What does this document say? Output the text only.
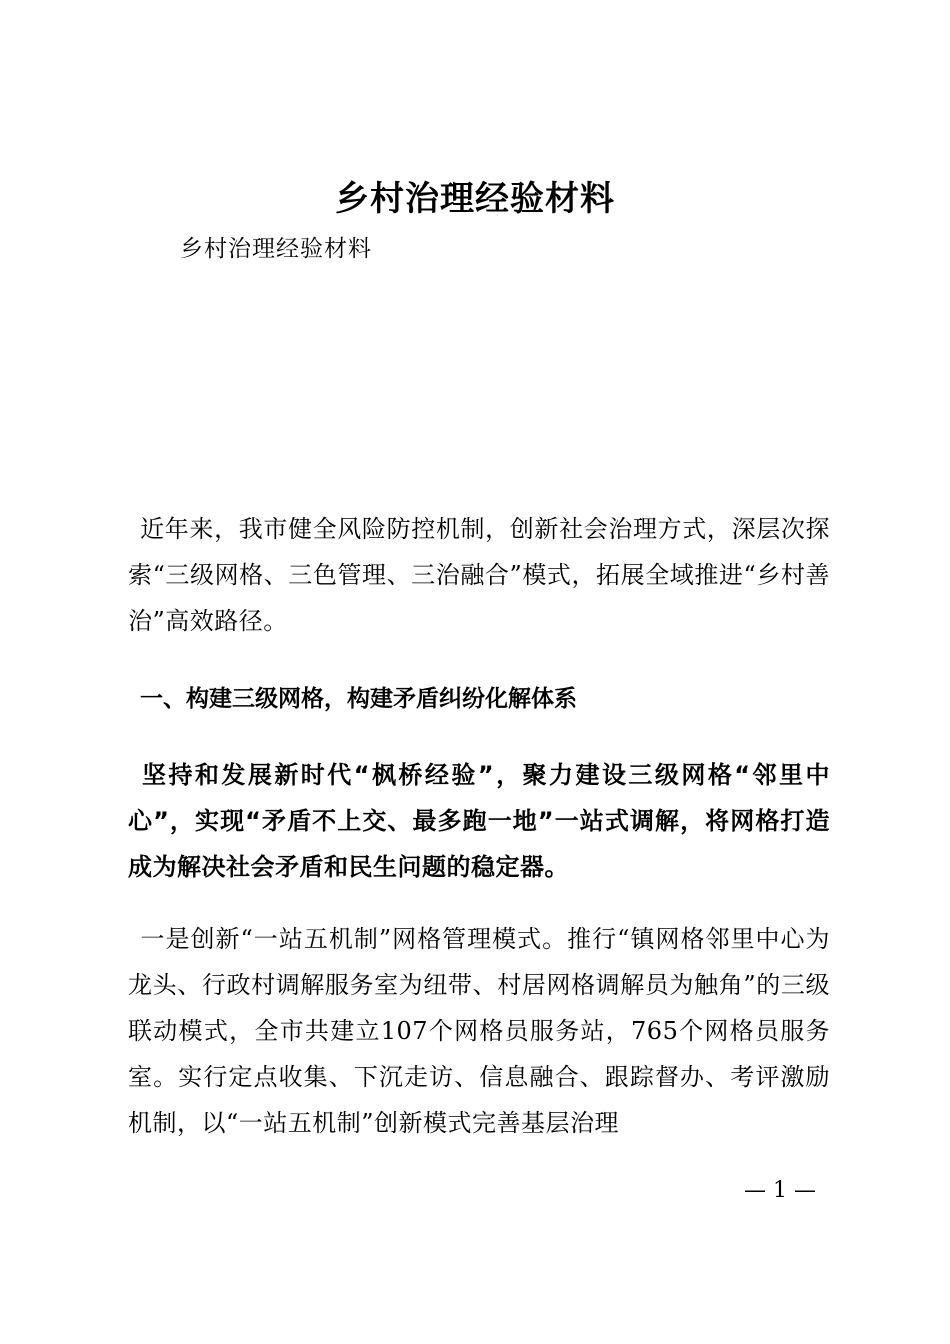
乡村治理经验材料
乡村治理经验材料

近年来，我市健全风险防控机制，创新社会治理方式，深层次探索“三级网格、三色管理、三治融合”模式，拓展全域推进“乡村善治”高效路径。

一、构建三级网格，构建矛盾纠纷化解体系

坚持和发展新时代“枫桥经验”，聚力建设三级网格“邻里中心”，实现“矛盾不上交、最多跑一地”一站式调解，将网格打造成为解决社会矛盾和民生问题的稳定器。

一是创新“一站五机制”网格管理模式。推行“镇网格邻里中心为龙头、行政村调解服务室为纽带、村居网格调解员为触角”的三级联动模式，全市共建立107个网格员服务站，765个网格员服务室。实行定点收集、下沉走访、信息融合、跟踪督办、考评激励机制，以“一站五机制”创新模式完善基层治理

— 1 —
